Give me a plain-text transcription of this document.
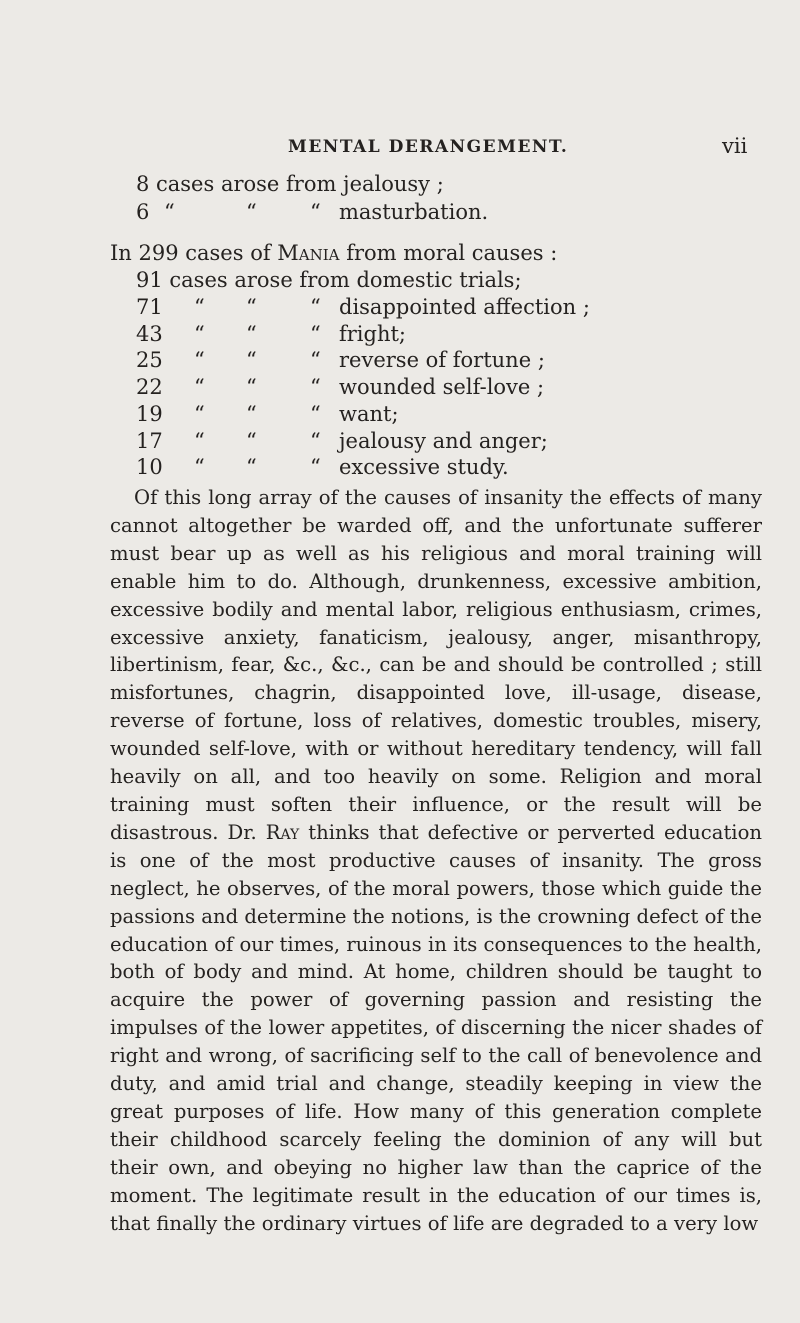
MENTAL DERANGEMENT.	vii
8 cases arose from jealousy ;
6 “	“	“ masturbation.
In 299 cases of Mania from moral causes :
91 cases arose from domestic trials;
71 “ “	“ disappointed affection ;
43 “ “	“ fright;
25 “ “	“ reverse of fortune ;
22 “ “	“ wounded self-love ;
19 “ “	“ want;
17 “ “	“ jealousy and anger;
10 “ “	“ excessive study.
Of this long array of the causes of insanity the effects of many cannot altogether be warded off, and the unfortunate sufferer must bear up as well as his religious and moral training will enable him to do. Although, drunkenness, excessive ambition, excessive bodily and mental labor, religious enthusiasm, crimes, excessive anxiety, fanaticism, jealousy, anger, misanthropy, libertinism, fear, &c., &c., can be and should be controlled ; still misfortunes, chagrin, disappointed love, ill-usage, disease, reverse of fortune, loss of relatives, domestic troubles, misery, wounded self-love, with or without hereditary tendency, will fall heavily on all, and too heavily on some. Religion and moral training must soften their influence, or the result will be disastrous. Dr. Ray thinks that defective or perverted education is one of the most productive causes of insanity. The gross neglect, he observes, of the moral powers, those which guide the passions and determine the notions, is the crowning defect of the education of our times, ruinous in its consequences to the health, both of body and mind. At home, children should be taught to acquire the power of governing passion and resisting the impulses of the lower appetites, of discerning the nicer shades of right and wrong, of sacrificing self to the call of benevolence and duty, and amid trial and change, steadily keeping in view the great purposes of life. How many of this generation complete their childhood scarcely feeling the dominion of any will but their own, and obeying no higher law than the caprice of the moment. The legitimate result in the education of our times is, that finally the ordinary virtues of life are degraded to a very low
